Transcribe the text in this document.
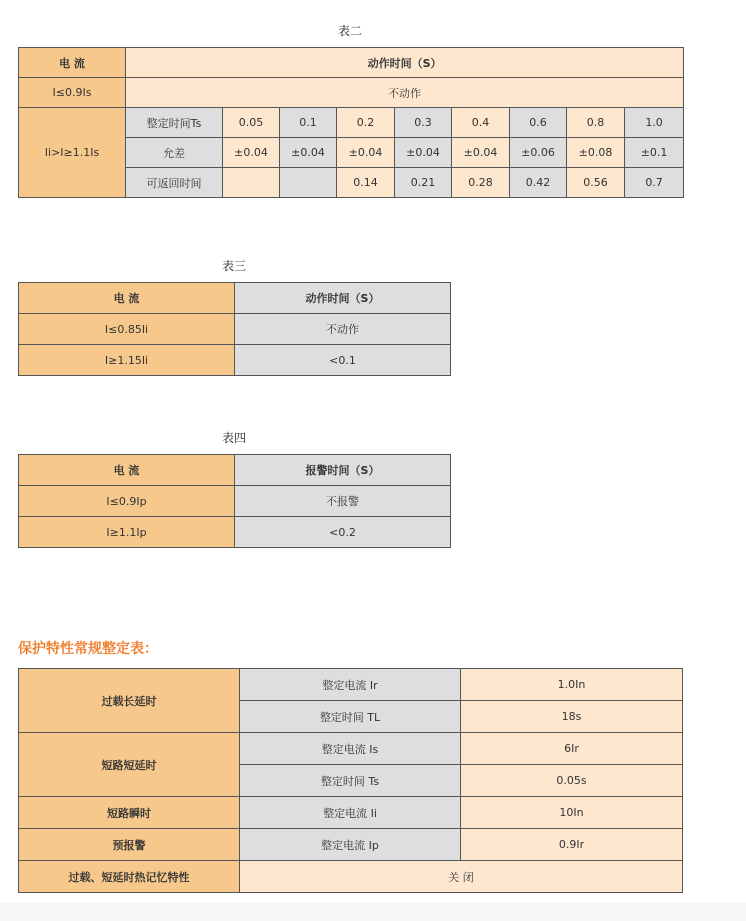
表二
电 流	动作时间（S）								
I≤0.9Is	不动作								
Ii>I≥1.1Is	整定时间Ts	0.05	0.1	0.2	0.3	0.4	0.6	0.8	1.0
	允差	±0.04	±0.04	±0.04	±0.04	±0.04	±0.06	±0.08	±0.1
	可返回时间			0.14	0.21	0.28	0.42	0.56	0.7
表三
电 流	动作时间（S）
I≤0.85Ii	不动作
I≥1.15Ii	<0.1
表四
电 流	报警时间（S）
I≤0.9Ip	不报警
I≥1.1Ip	<0.2
保护特性常规整定表：
过载长延时	整定电流 Ir	1.0In
	整定时间 TL	18s
短路短延时	整定电流 Is	6Ir
	整定时间 Ts	0.05s
短路瞬时	整定电流 Ii	10In
预报警	整定电流 Ip	0.9Ir
过载、短延时热记忆特性	关 闭	
